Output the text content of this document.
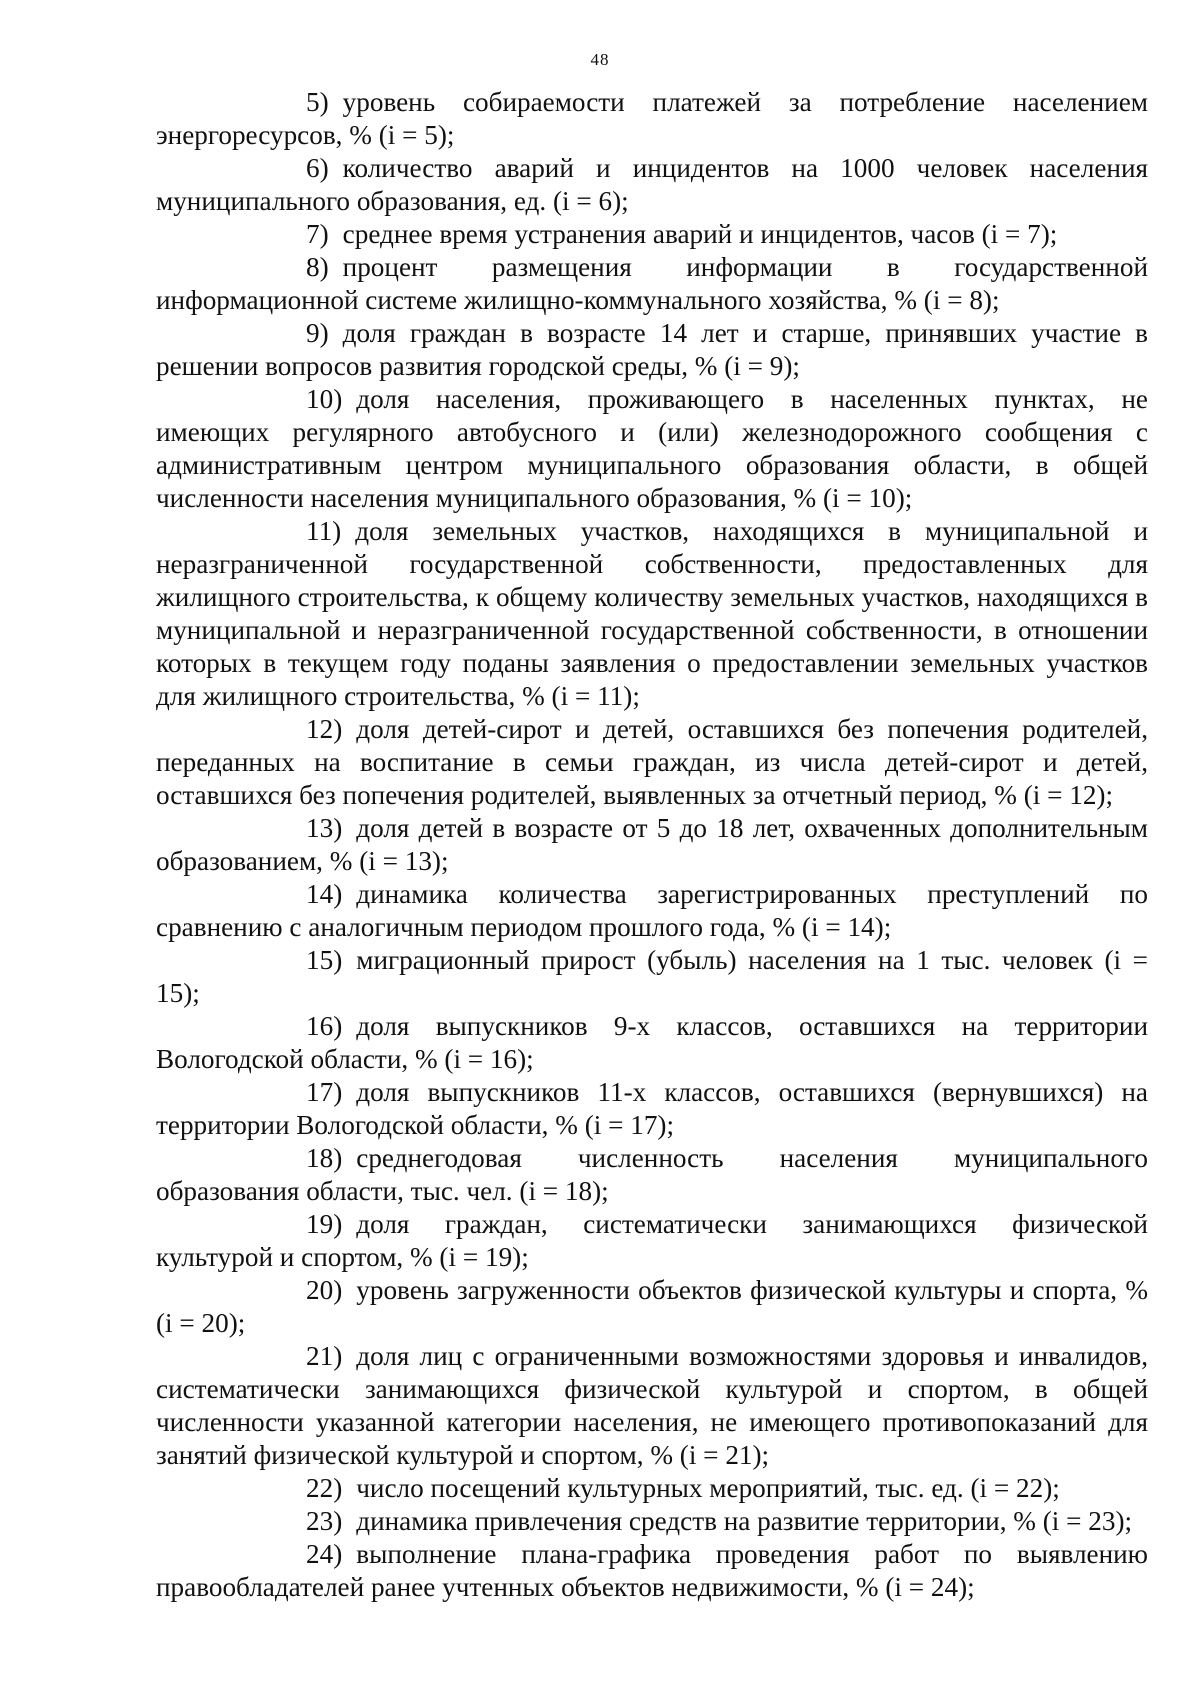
48

5) уровень собираемости платежей за потребление населением энергоресурсов, % (i = 5);

6) количество аварий и инцидентов на 1000 человек населения муниципального образования, ед. (i = 6);

7) среднее время устранения аварий и инцидентов, часов (i = 7);

8) процент размещения информации в государственной информационной системе жилищно-коммунального хозяйства, % (i = 8);

9) доля граждан в возрасте 14 лет и старше, принявших участие в решении вопросов развития городской среды, % (i = 9);

10) доля населения, проживающего в населенных пунктах, не имеющих регулярного автобусного и (или) железнодорожного сообщения с административным центром муниципального образования области, в общей численности населения муниципального образования, % (i = 10);

11) доля земельных участков, находящихся в муниципальной и неразграниченной государственной собственности, предоставленных для жилищного строительства, к общему количеству земельных участков, находящихся в муниципальной и неразграниченной государственной собственности, в отношении которых в текущем году поданы заявления о предоставлении земельных участков для жилищного строительства, % (i = 11);

12) доля детей-сирот и детей, оставшихся без попечения родителей, переданных на воспитание в семьи граждан, из числа детей-сирот и детей, оставшихся без попечения родителей, выявленных за отчетный период, % (i = 12);

13) доля детей в возрасте от 5 до 18 лет, охваченных дополнительным образованием, % (i = 13);

14) динамика количества зарегистрированных преступлений по сравнению с аналогичным периодом прошлого года, % (i = 14);

15) миграционный прирост (убыль) населения на 1 тыс. человек (i = 15);

16) доля выпускников 9-х классов, оставшихся на территории Вологодской области, % (i = 16);

17) доля выпускников 11-х классов, оставшихся (вернувшихся) на территории Вологодской области, % (i = 17);

18) среднегодовая численность населения муниципального образования области, тыс. чел. (i = 18);

19) доля граждан, систематически занимающихся физической культурой и спортом, % (i = 19);

20) уровень загруженности объектов физической культуры и спорта, % (i = 20);

21) доля лиц с ограниченными возможностями здоровья и инвалидов, систематически занимающихся физической культурой и спортом, в общей численности указанной категории населения, не имеющего противопоказаний для занятий физической культурой и спортом, % (i = 21);

22) число посещений культурных мероприятий, тыс. ед. (i = 22);

23) динамика привлечения средств на развитие территории, % (i = 23);

24) выполнение плана-графика проведения работ по выявлению правообладателей ранее учтенных объектов недвижимости, % (i = 24);
